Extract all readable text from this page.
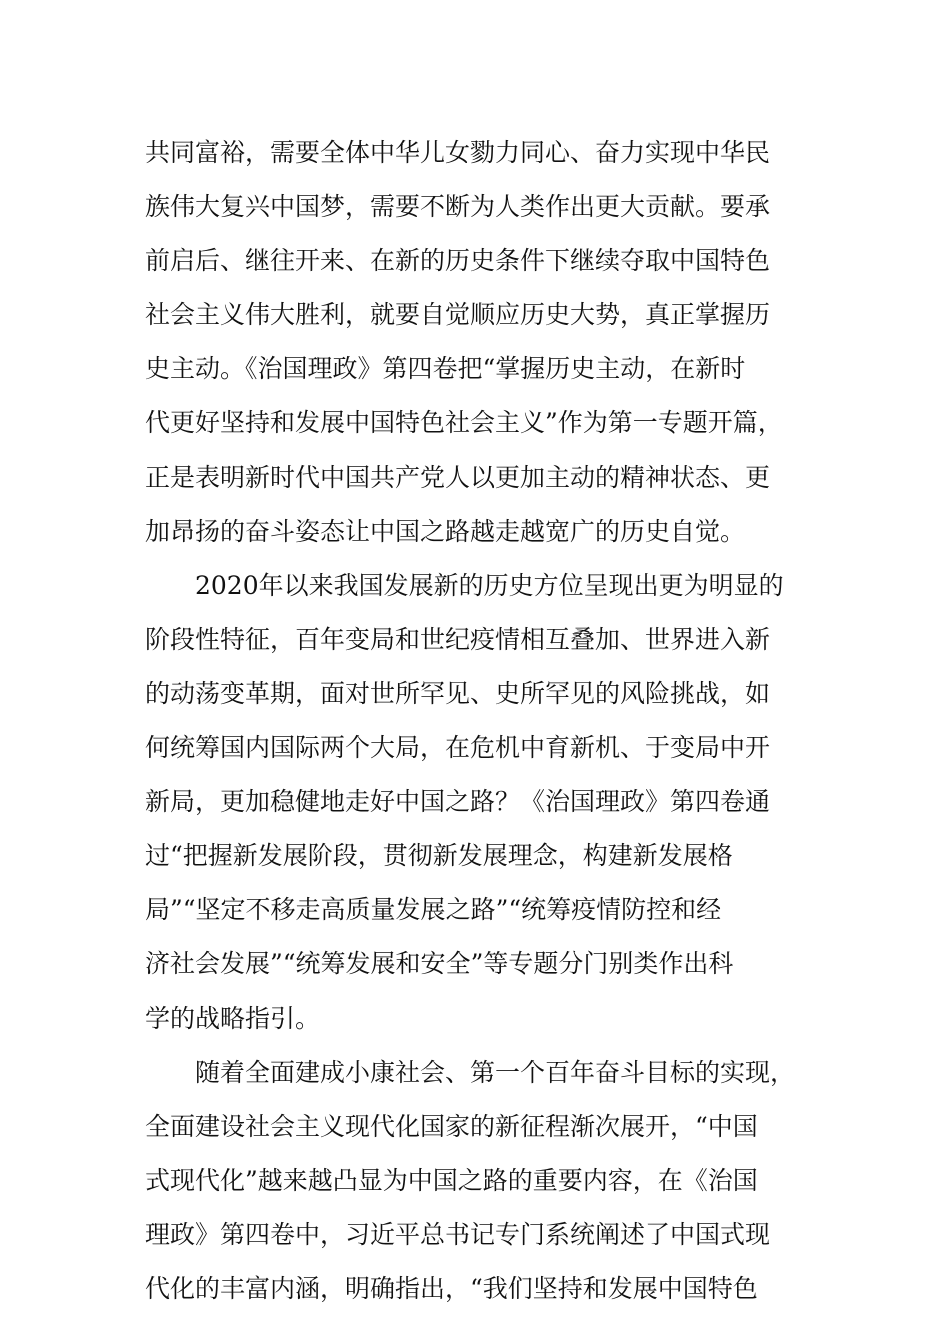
共同富裕，需要全体中华儿女勠力同心、奋力实现中华民
族伟大复兴中国梦，需要不断为人类作出更大贡献。要承
前启后、继往开来、在新的历史条件下继续夺取中国特色
社会主义伟大胜利，就要自觉顺应历史大势，真正掌握历
史主动。《治国理政》第四卷把“掌握历史主动，在新时
代更好坚持和发展中国特色社会主义”作为第一专题开篇，
正是表明新时代中国共产党人以更加主动的精神状态、更
加昂扬的奋斗姿态让中国之路越走越宽广的历史自觉。
2020年以来我国发展新的历史方位呈现出更为明显的
阶段性特征，百年变局和世纪疫情相互叠加、世界进入新
的动荡变革期，面对世所罕见、史所罕见的风险挑战，如
何统筹国内国际两个大局，在危机中育新机、于变局中开
新局，更加稳健地走好中国之路？《治国理政》第四卷通
过“把握新发展阶段，贯彻新发展理念，构建新发展格
局”“坚定不移走高质量发展之路”“统筹疫情防控和经
济社会发展”“统筹发展和安全”等专题分门别类作出科
学的战略指引。
随着全面建成小康社会、第一个百年奋斗目标的实现，
全面建设社会主义现代化国家的新征程渐次展开，“中国
式现代化”越来越凸显为中国之路的重要内容，在《治国
理政》第四卷中，习近平总书记专门系统阐述了中国式现
代化的丰富内涵，明确指出，“我们坚持和发展中国特色
